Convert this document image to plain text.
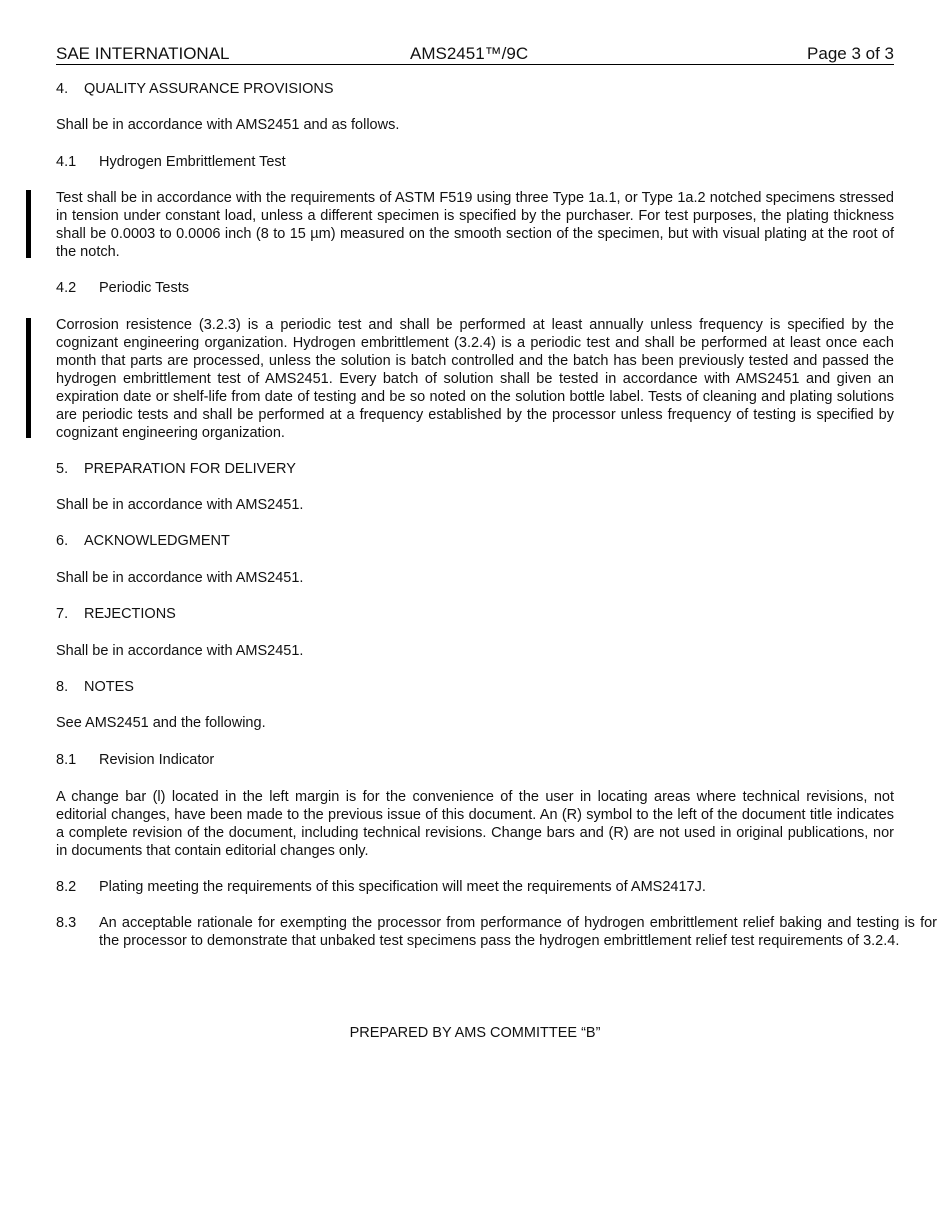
SAE INTERNATIONAL	AMS2451™/9C	Page 3 of 3
4. QUALITY ASSURANCE PROVISIONS
Shall be in accordance with AMS2451 and as follows.
4.1 Hydrogen Embrittlement Test
Test shall be in accordance with the requirements of ASTM F519 using three Type 1a.1, or Type 1a.2 notched specimens stressed in tension under constant load, unless a different specimen is specified by the purchaser. For test purposes, the plating thickness shall be 0.0003 to 0.0006 inch (8 to 15 µm) measured on the smooth section of the specimen, but with visual plating at the root of the notch.
4.2 Periodic Tests
Corrosion resistence (3.2.3) is a periodic test and shall be performed at least annually unless frequency is specified by the cognizant engineering organization. Hydrogen embrittlement (3.2.4) is a periodic test and shall be performed at least once each month that parts are processed, unless the solution is batch controlled and the batch has been previously tested and passed the hydrogen embrittlement test of AMS2451. Every batch of solution shall be tested in accordance with AMS2451 and given an expiration date or shelf-life from date of testing and be so noted on the solution bottle label. Tests of cleaning and plating solutions are periodic tests and shall be performed at a frequency established by the processor unless frequency of testing is specified by cognizant engineering organization.
5. PREPARATION FOR DELIVERY
Shall be in accordance with AMS2451.
6. ACKNOWLEDGMENT
Shall be in accordance with AMS2451.
7. REJECTIONS
Shall be in accordance with AMS2451.
8. NOTES
See AMS2451 and the following.
8.1 Revision Indicator
A change bar (l) located in the left margin is for the convenience of the user in locating areas where technical revisions, not editorial changes, have been made to the previous issue of this document. An (R) symbol to the left of the document title indicates a complete revision of the document, including technical revisions. Change bars and (R) are not used in original publications, nor in documents that contain editorial changes only.
8.2 Plating meeting the requirements of this specification will meet the requirements of AMS2417J.
8.3 An acceptable rationale for exempting the processor from performance of hydrogen embrittlement relief baking and testing is for the processor to demonstrate that unbaked test specimens pass the hydrogen embrittlement relief test requirements of 3.2.4.
PREPARED BY AMS COMMITTEE “B”
